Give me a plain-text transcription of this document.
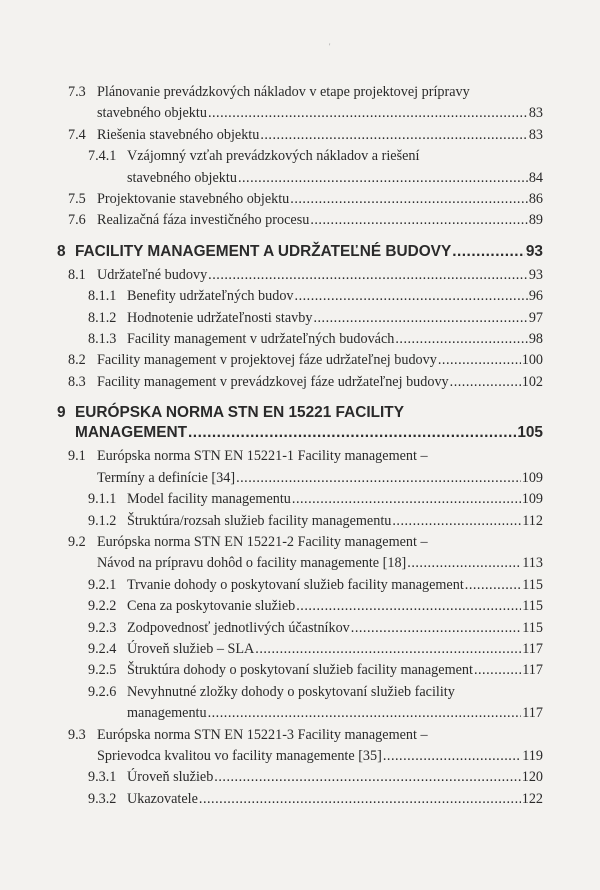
'
7.3 Plánovanie prevádzkových nákladov v etape projektovej prípravy
stavebného objektu .....	83
7.4 Riešenia stavebného objektu .....	83
7.4.1 Vzájomný vzťah prevádzkových nákladov a riešení
stavebného objektu .....	84
7.5 Projektovanie stavebného objektu .....	86
7.6 Realizačná fáza investičného procesu .....	89
8 FACILITY MANAGEMENT A UDRŽATEĽNÉ BUDOVY .....	93
8.1 Udržateľné budovy .....	93
8.1.1 Benefity udržateľných budov .....	96
8.1.2 Hodnotenie udržateľnosti stavby .....	97
8.1.3 Facility management v udržateľných budovách .....	98
8.2 Facility management v projektovej fáze udržateľnej budovy .....	100
8.3 Facility management v prevádzkovej fáze udržateľnej budovy .....	102
9 EURÓPSKA NORMA STN EN 15221 FACILITY
MANAGEMENT .....	105
9.1 Európska norma STN EN 15221-1 Facility management –
Termíny a definície [34] .....	109
9.1.1 Model facility managementu .....	109
9.1.2 Štruktúra/rozsah služieb facility managementu .....	112
9.2 Európska norma STN EN 15221-2 Facility management –
Návod na prípravu dohôd o facility managemente [18] .....	113
9.2.1 Trvanie dohody o poskytovaní služieb facility management .....	115
9.2.2 Cena za poskytovanie služieb .....	115
9.2.3 Zodpovednosť jednotlivých účastníkov .....	115
9.2.4 Úroveň služieb – SLA .....	117
9.2.5 Štruktúra dohody o poskytovaní služieb facility management .....	117
9.2.6 Nevyhnutné zložky dohody o poskytovaní služieb facility
managementu .....	117
9.3 Európska norma STN EN 15221-3 Facility management –
Sprievodca kvalitou vo facility managemente [35] .....	119
9.3.1 Úroveň služieb .....	120
9.3.2 Ukazovatele .....	122
